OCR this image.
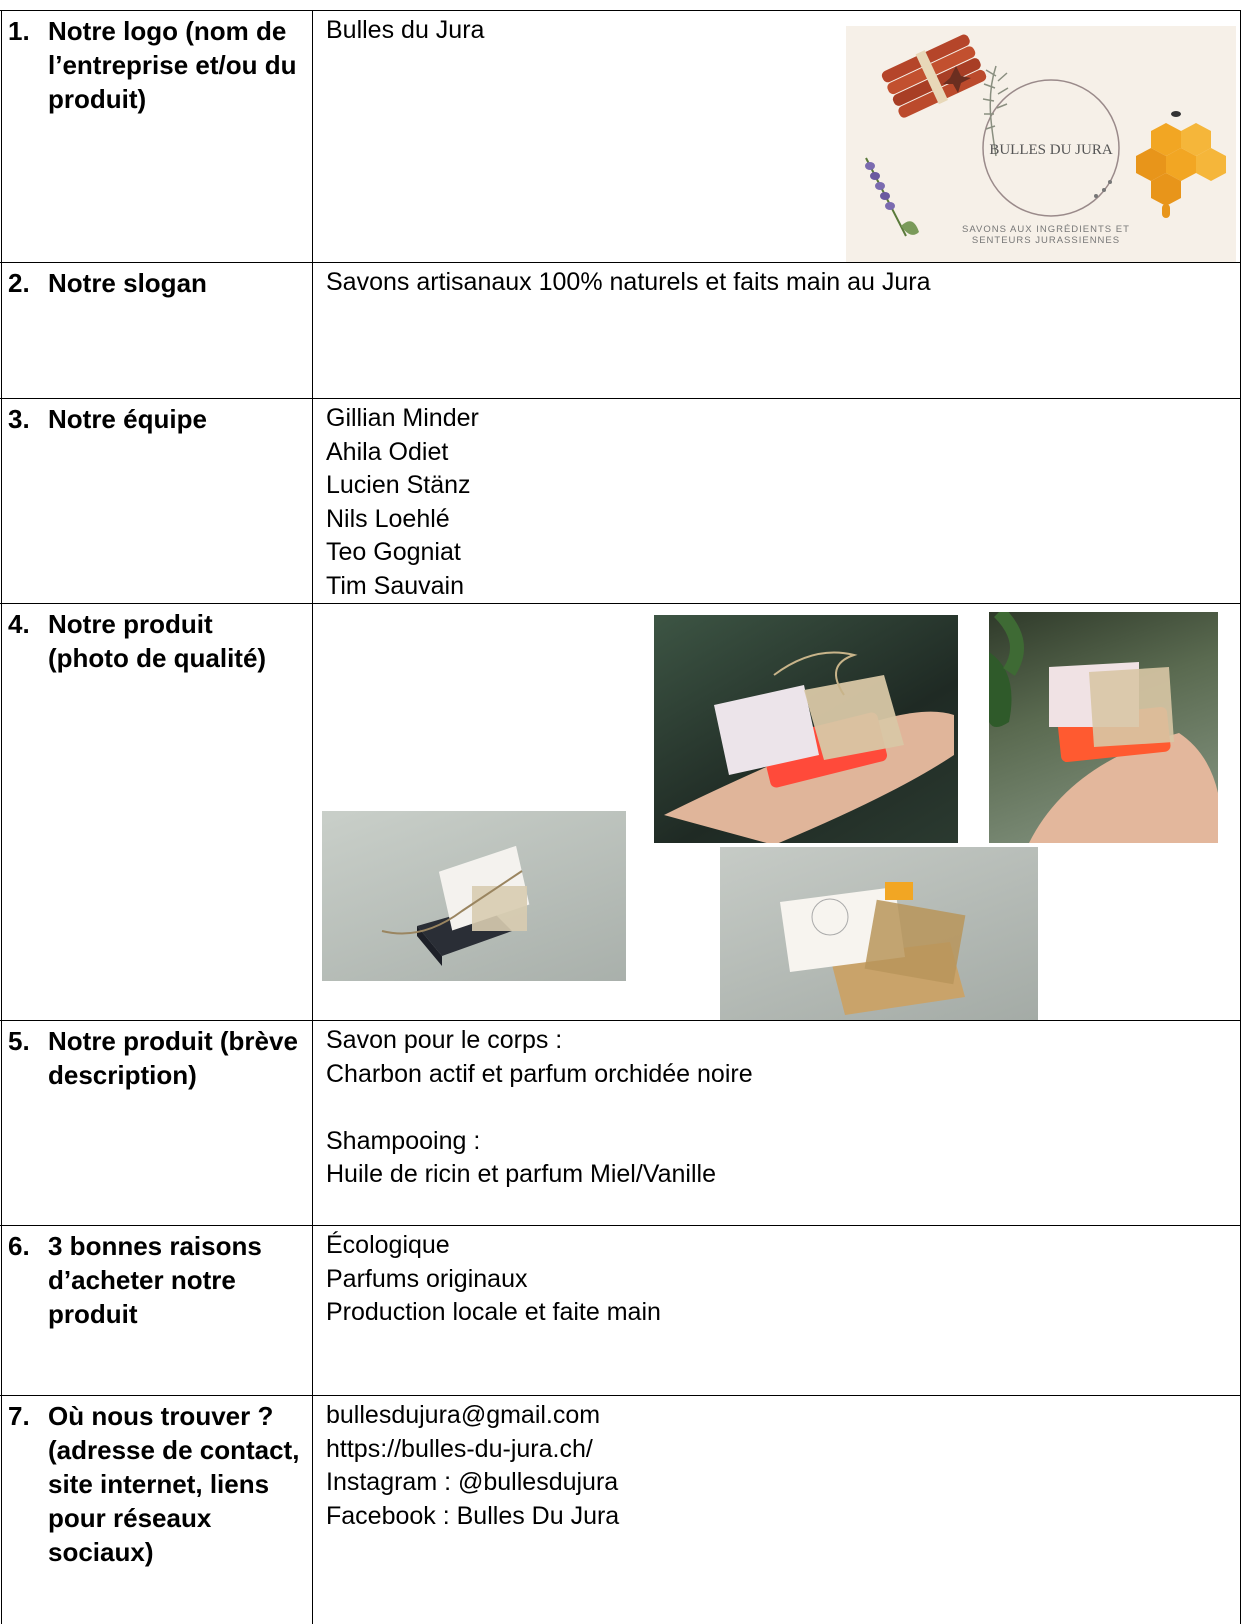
1. Notre logo (nom de l’entreprise et/ou du produit)
Bulles du Jura
BULLES DU JURA
SAVONS AUX INGRÉDIENTS ET
SENTEURS JURASSIENNES
2. Notre slogan	Savons artisanaux 100% naturels et faits main au Jura
3. Notre équipe	Gillian Minder
Ahila Odiet
Lucien Stänz
Nils Loehlé
Teo Gogniat
Tim Sauvain
4. Notre produit (photo de qualité)
5. Notre produit (brève description)
Savon pour le corps :
Charbon actif et parfum orchidée noire
Shampooing :
Huile de ricin et parfum Miel/Vanille
6. 3 bonnes raisons d’acheter notre produit
Écologique
Parfums originaux
Production locale et faite main
7. Où nous trouver ? (adresse de contact, site internet, liens pour réseaux sociaux)
bullesdujura@gmail.com
https://bulles-du-jura.ch/
Instagram : @bullesdujura
Facebook : Bulles Du Jura
